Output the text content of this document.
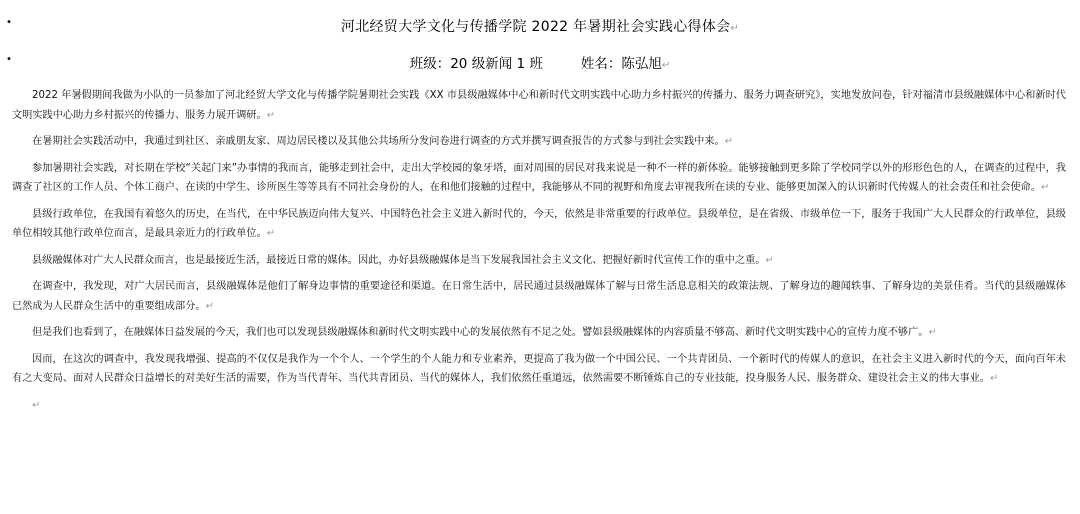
•	河北经贸大学文化与传播学院 2022 年暑期社会实践心得体会↵
•	班级：20 级新闻 1 班	姓名：陈弘旭↵

2022 年暑假期间我做为小队的一员参加了河北经贸大学文化与传播学院暑期社会实践《XX 市县级融媒体中心和新时代文明实践中心助力乡村振兴的传播力、服务力调查研究》，实地发放问卷，针对福清市县级融媒体中心和新时代文明实践中心助力乡村振兴的传播力、服务力展开调研。↵

在暑期社会实践活动中，我通过到社区、亲戚朋友家、周边居民楼以及其他公共场所分发问卷进行调查的方式并撰写调查报告的方式参与到社会实践中来。↵

参加暑期社会实践，对长期在学校“关起门来”办事情的我而言，能够走到社会中，走出大学校园的象牙塔，面对周围的居民对我来说是一种不一样的新体验。能够接触到更多除了学校同学以外的形形色色的人，在调查的过程中，我调查了社区的工作人员、个体工商户、在读的中学生、诊所医生等等具有不同社会身份的人，在和他们接触的过程中，我能够从不同的视野和角度去审视我所在读的专业、能够更加深入的认识新时代传媒人的社会责任和社会使命。↵

县级行政单位，在我国有着悠久的历史，在当代，在中华民族迈向伟大复兴、中国特色社会主义进入新时代的，今天，依然是非常重要的行政单位。县级单位，是在省级、市级单位一下，服务于我国广大人民群众的行政单位，县级单位相较其他行政单位而言，是最具亲近力的行政单位。↵

县级融媒体对广大人民群众而言，也是最接近生活，最接近日常的媒体。因此，办好县级融媒体是当下发展我国社会主义文化、把握好新时代宣传工作的重中之重。↵

在调查中，我发现，对广大居民而言，县级融媒体是他们了解身边事情的重要途径和渠道。在日常生活中，居民通过县级融媒体了解与日常生活息息相关的政策法规、了解身边的趣闻轶事、了解身边的美景佳肴。当代的县级融媒体已然成为人民群众生活中的重要组成部分。↵

但是我们也看到了，在融媒体日益发展的今天，我们也可以发现县级融媒体和新时代文明实践中心的发展依然有不足之处。譬如县级融媒体的内容质量不够高、新时代文明实践中心的宣传力度不够广。↵

因而，在这次的调查中，我发现我增强、提高的不仅仅是我作为一个个人、一个学生的个人能力和专业素养，更提高了我为做一个中国公民、一个共青团员、一个新时代的传媒人的意识，在社会主义进入新时代的今天，面向百年未有之大变局、面对人民群众日益增长的对美好生活的需要，作为当代青年、当代共青团员、当代的媒体人，我们依然任重道远，依然需要不断锤炼自己的专业技能，投身服务人民、服务群众、建设社会主义的伟大事业。↵

↵
